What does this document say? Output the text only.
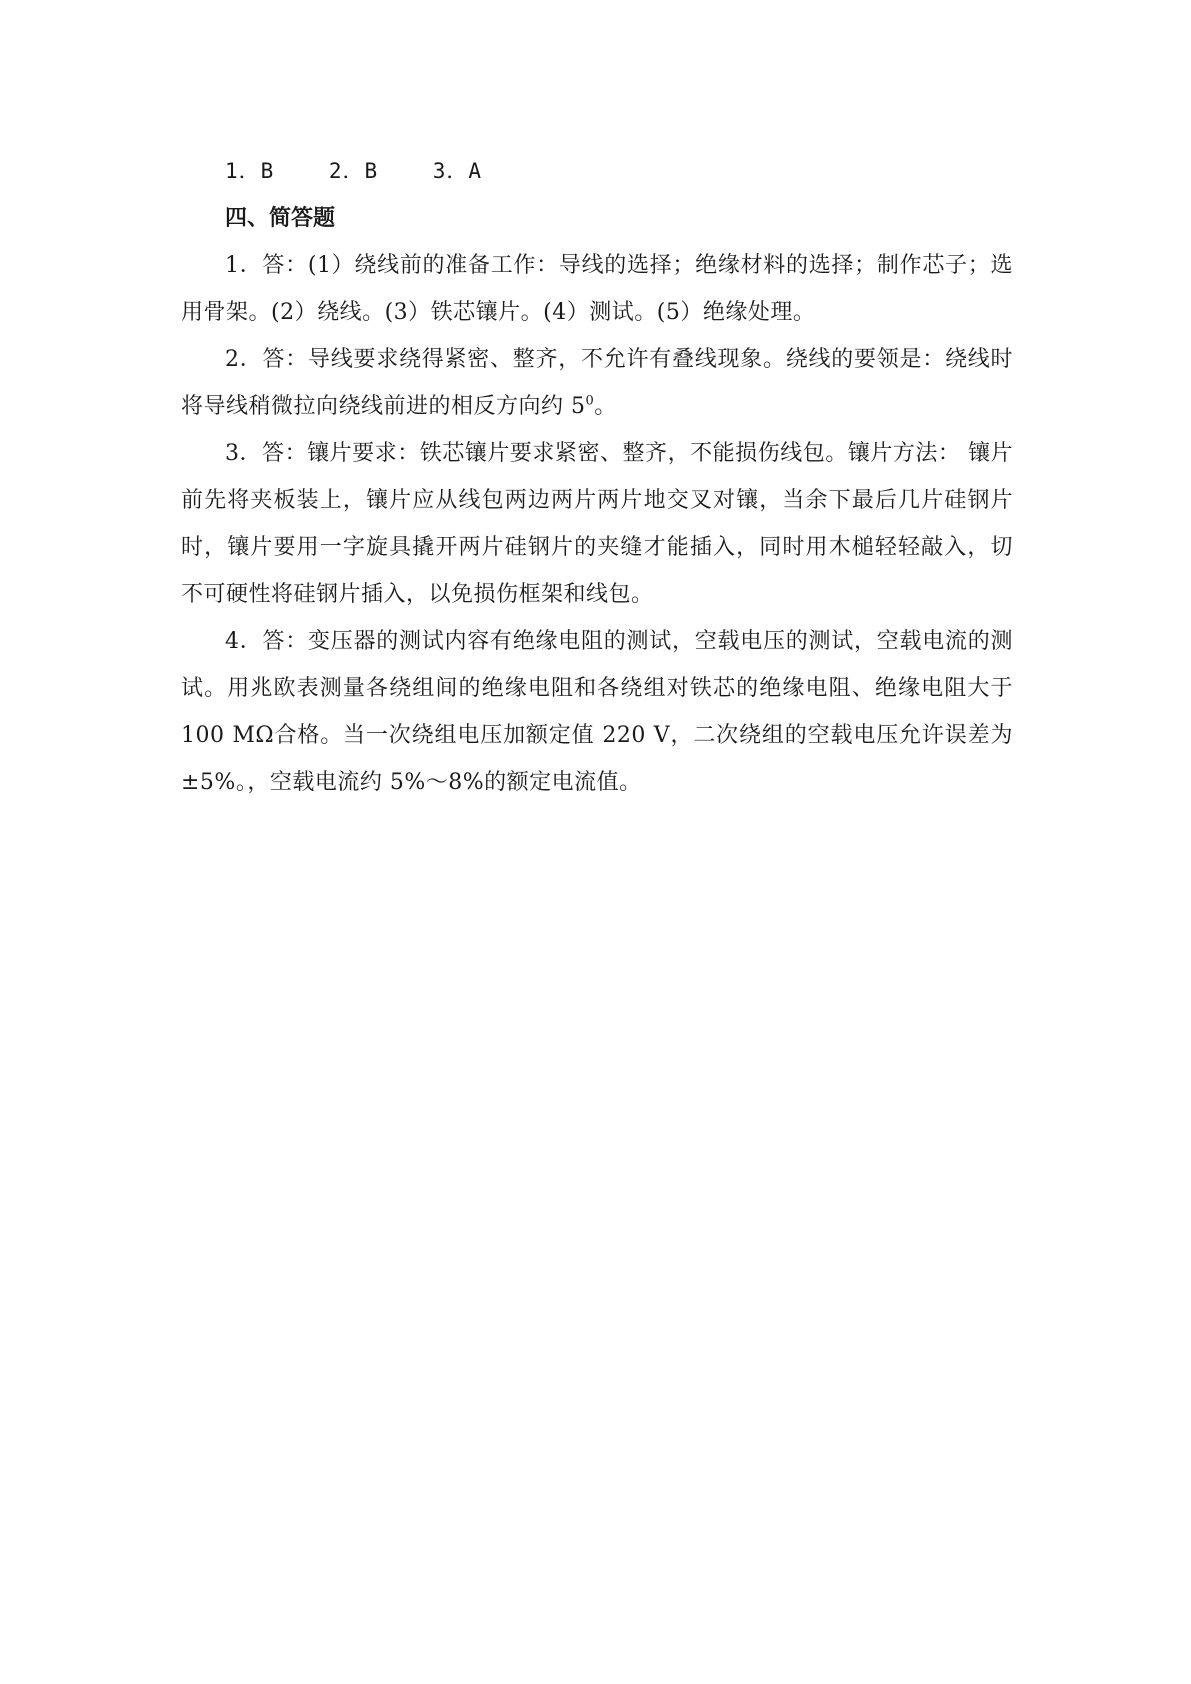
1．B    2．B    3．A

四、简答题

1．答：(1）绕线前的准备工作：导线的选择；绝缘材料的选择；制作芯子；选用骨架。(2）绕线。(3）铁芯镶片。(4）测试。(5）绝缘处理。

2．答：导线要求绕得紧密、整齐，不允许有叠线现象。绕线的要领是：绕线时将导线稍微拉向绕线前进的相反方向约 $5^0$。

3．答：镶片要求：铁芯镶片要求紧密、整齐，不能损伤线包。镶片方法： 镶片前先将夹板装上，镶片应从线包两边两片两片地交叉对镶，当余下最后几片硅钢片时，镶片要用一字旋具撬开两片硅钢片的夹缝才能插入，同时用木槌轻轻敲入，切不可硬性将硅钢片插入，以免损伤框架和线包。

4．答：变压器的测试内容有绝缘电阻的测试，空载电压的测试，空载电流的测试。用兆欧表测量各绕组间的绝缘电阻和各绕组对铁芯的绝缘电阻、绝缘电阻大于 100 MΩ合格。当一次绕组电压加额定值 220 V，二次绕组的空载电压允许误差为 ±5%。，空载电流约 5%～8%的额定电流值。
